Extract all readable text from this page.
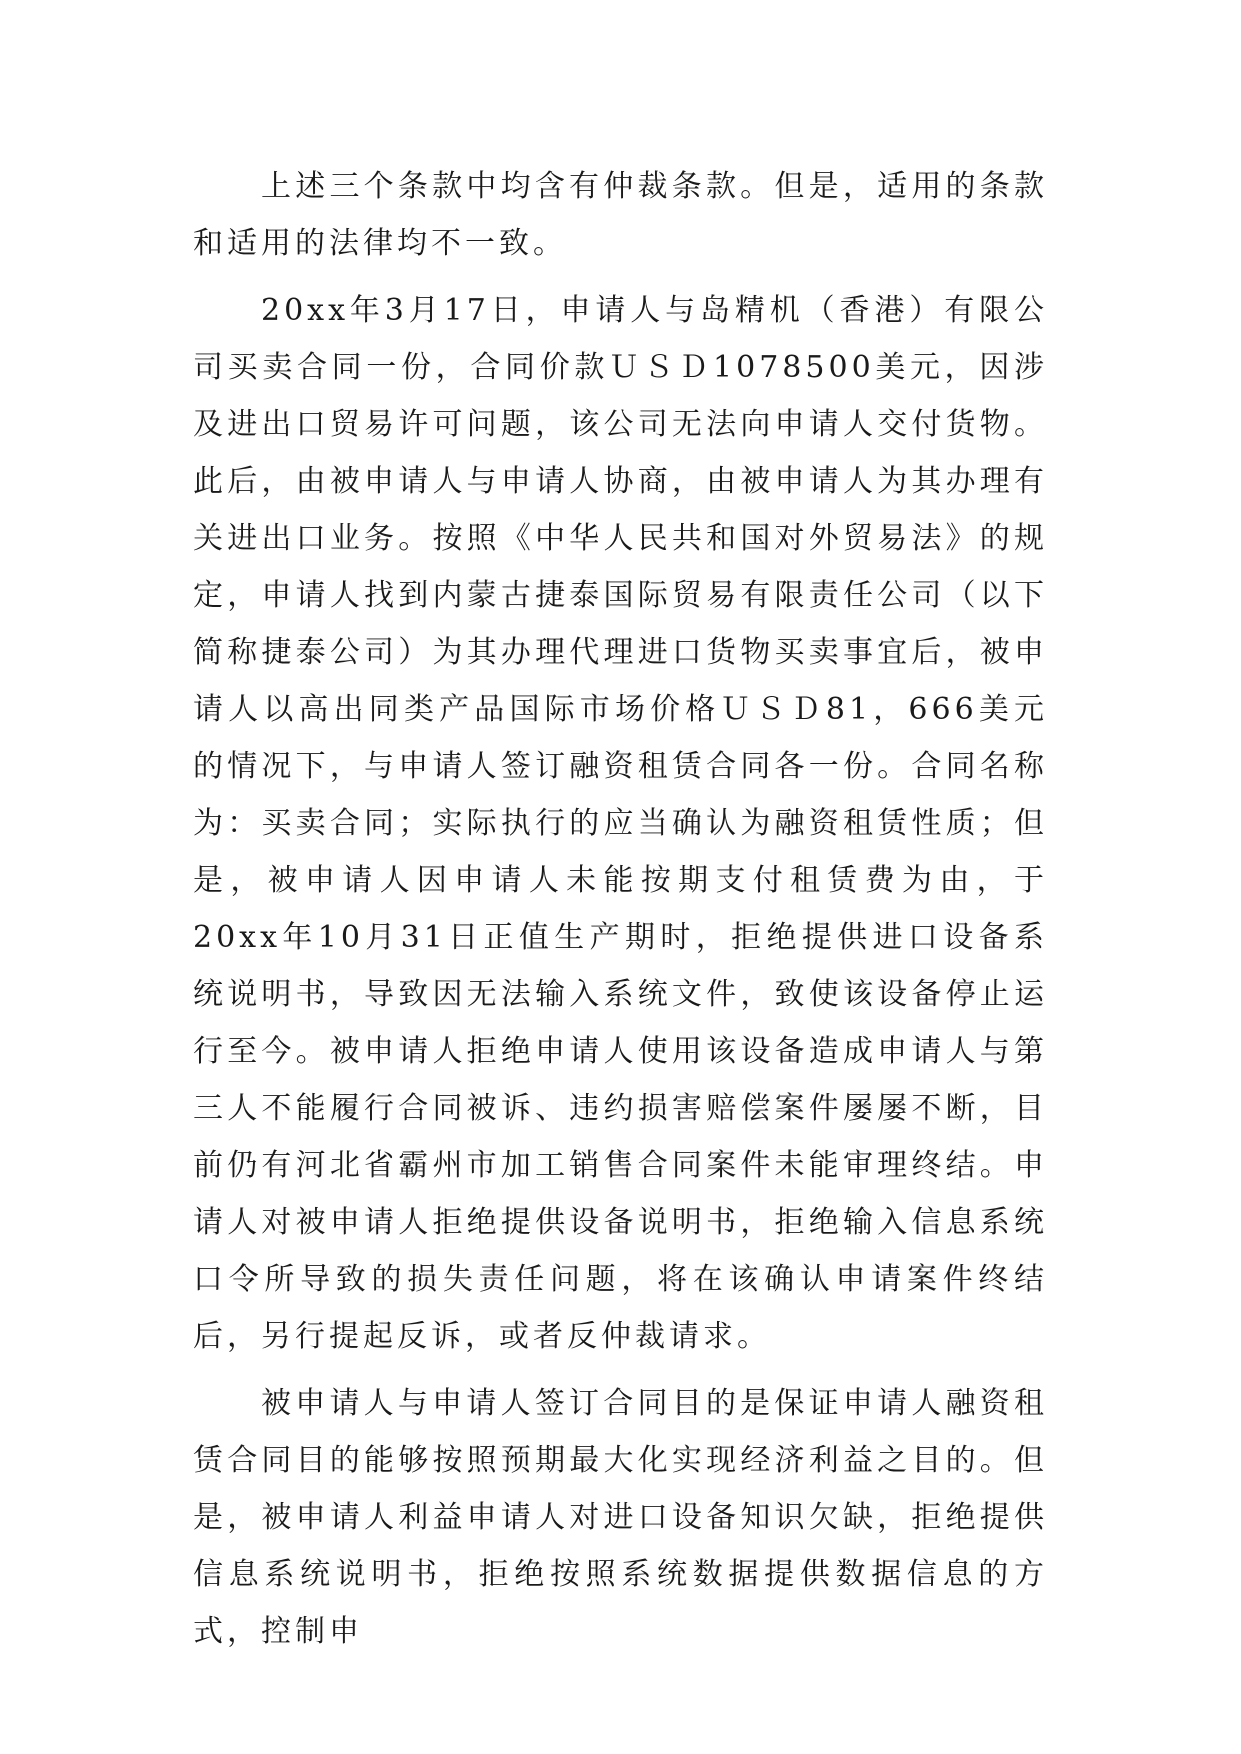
上述三个条款中均含有仲裁条款。但是，适用的条款和适用的法律均不一致。

20xx年3月17日，申请人与岛精机（香港）有限公司买卖合同一份，合同价款ＵＳＤ1078500美元，因涉及进出口贸易许可问题，该公司无法向申请人交付货物。此后，由被申请人与申请人协商，由被申请人为其办理有关进出口业务。按照《中华人民共和国对外贸易法》的规定，申请人找到内蒙古捷泰国际贸易有限责任公司（以下简称捷泰公司）为其办理代理进口货物买卖事宜后，被申请人以高出同类产品国际市场价格ＵＳＤ81，666美元的情况下，与申请人签订融资租赁合同各一份。合同名称为：买卖合同；实际执行的应当确认为融资租赁性质；但是，被申请人因申请人未能按期支付租赁费为由，于20xx年10月31日正值生产期时，拒绝提供进口设备系统说明书，导致因无法输入系统文件，致使该设备停止运行至今。被申请人拒绝申请人使用该设备造成申请人与第三人不能履行合同被诉、违约损害赔偿案件屡屡不断，目前仍有河北省霸州市加工销售合同案件未能审理终结。申请人对被申请人拒绝提供设备说明书，拒绝输入信息系统口令所导致的损失责任问题，将在该确认申请案件终结后，另行提起反诉，或者反仲裁请求。

被申请人与申请人签订合同目的是保证申请人融资租赁合同目的能够按照预期最大化实现经济利益之目的。但是，被申请人利益申请人对进口设备知识欠缺，拒绝提供信息系统说明书，拒绝按照系统数据提供数据信息的方式，控制申
